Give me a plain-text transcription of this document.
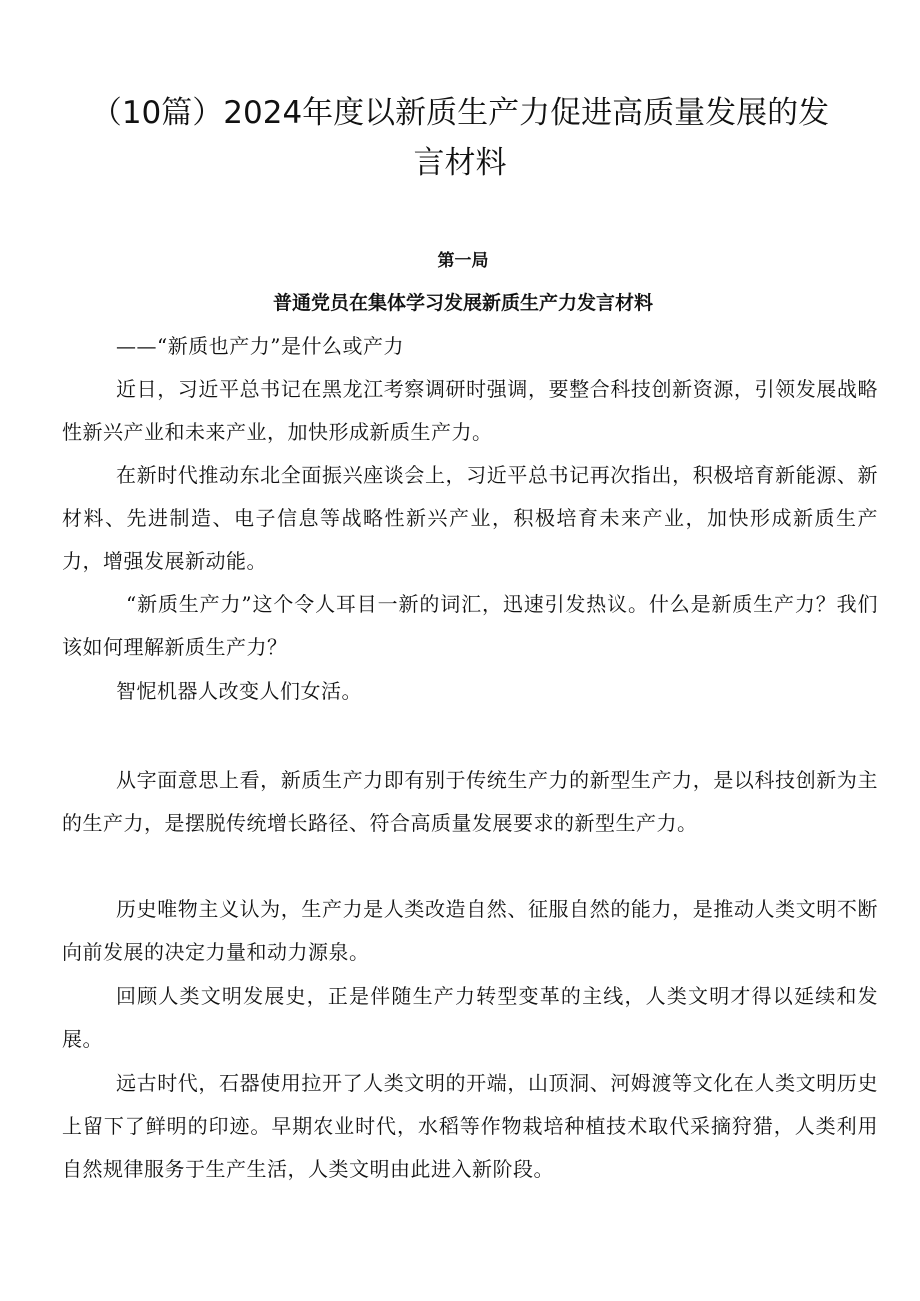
（10篇）2024年度以新质生产力促进高质量发展的发言材料
第一局
普通党员在集体学习发展新质生产力发言材料

——“新质也产力”是什么或产力

近日，习近平总书记在黑龙江考察调研时强调，要整合科技创新资源，引领发展战略性新兴产业和未来产业，加快形成新质生产力。

在新时代推动东北全面振兴座谈会上，习近平总书记再次指出，积极培育新能源、新材料、先进制造、电子信息等战略性新兴产业，积极培育未来产业，加快形成新质生产力，增强发展新动能。

“新质生产力”这个令人耳目一新的词汇，迅速引发热议。什么是新质生产力？我们该如何理解新质生产力？

智怩机器人改变人们女活。

从字面意思上看，新质生产力即有别于传统生产力的新型生产力，是以科技创新为主的生产力，是摆脱传统增长路径、符合高质量发展要求的新型生产力。

历史唯物主义认为，生产力是人类改造自然、征服自然的能力，是推动人类文明不断向前发展的决定力量和动力源泉。

回顾人类文明发展史，正是伴随生产力转型变革的主线，人类文明才得以延续和发展。

远古时代，石器使用拉开了人类文明的开端，山顶洞、河姆渡等文化在人类文明历史上留下了鲜明的印迹。早期农业时代，水稻等作物栽培种植技术取代采摘狩猎，人类利用自然规律服务于生产生活，人类文明由此进入新阶段。
